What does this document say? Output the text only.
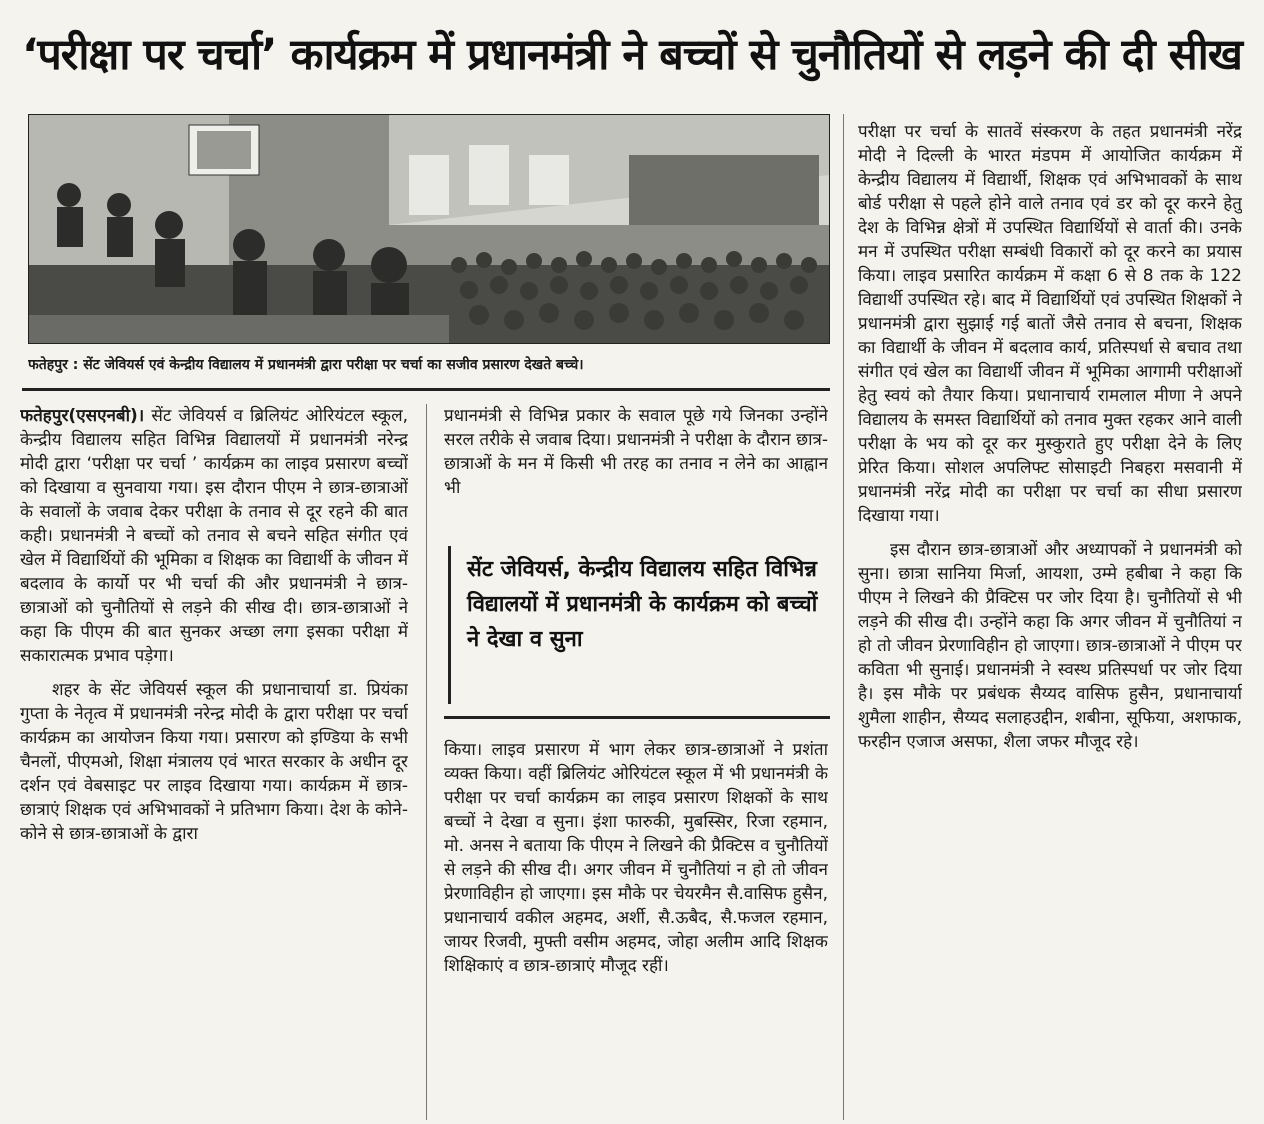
‘परीक्षा पर चर्चा’ कार्यक्रम में प्रधानमंत्री ने बच्चों से चुनौतियों से लड़ने की दी सीख
फतेहपुर : सेंट जेवियर्स एवं केन्द्रीय विद्यालय में प्रधानमंत्री द्वारा परीक्षा पर चर्चा का सजीव प्रसारण देखते बच्चे।

फतेहपुर(एसएनबी)। सेंट जेवियर्स व ब्रिलियंट ओरियंटल स्कूल, केन्द्रीय विद्यालय सहित विभिन्न विद्यालयों में प्रधानमंत्री नरेन्द्र मोदी द्वारा ‘परीक्षा पर चर्चा ’ कार्यक्रम का लाइव प्रसारण बच्चों को दिखाया व सुनवाया गया। इस दौरान पीएम ने छात्र-छात्राओं के सवालों के जवाब देकर परीक्षा के तनाव से दूर रहने की बात कही। प्रधानमंत्री ने बच्चों को तनाव से बचने सहित संगीत एवं खेल में विद्यार्थियों की भूमिका व शिक्षक का विद्यार्थी के जीवन में बदलाव के कार्यो पर भी चर्चा की और प्रधानमंत्री ने छात्र-छात्राओं को चुनौतियों से लड़ने की सीख दी। छात्र-छात्राओं ने कहा कि पीएम की बात सुनकर अच्छा लगा इसका परीक्षा में सकारात्मक प्रभाव पड़ेगा।

शहर के सेंट जेवियर्स स्कूल की प्रधानाचार्या डा. प्रियंका गुप्ता के नेतृत्व में प्रधानमंत्री नरेन्द्र मोदी के द्वारा परीक्षा पर चर्चा कार्यक्रम का आयोजन किया गया। प्रसारण को इण्डिया के सभी चैनलों, पीएमओ, शिक्षा मंत्रालय एवं भारत सरकार के अधीन दूर दर्शन एवं वेबसाइट पर लाइव दिखाया गया। कार्यक्रम में छात्र-छात्राएं शिक्षक एवं अभिभावकों ने प्रतिभाग किया। देश के कोने-कोने से छात्र-छात्राओं के द्वारा

प्रधानमंत्री से विभिन्न प्रकार के सवाल पूछे गये जिनका उन्होंने सरल तरीके से जवाब दिया। प्रधानमंत्री ने परीक्षा के दौरान छात्र-छात्राओं के मन में किसी भी तरह का तनाव न लेने का आह्वान भी

सेंट जेवियर्स, केन्द्रीय विद्यालय सहित विभिन्न विद्यालयों में प्रधानमंत्री के कार्यक्रम को बच्चों ने देखा व सुना

किया। लाइव प्रसारण में भाग लेकर छात्र-छात्राओं ने प्रशंता व्यक्त किया। वहीं ब्रिलियंट ओरियंटल स्कूल में भी प्रधानमंत्री के परीक्षा पर चर्चा कार्यक्रम का लाइव प्रसारण शिक्षकों के साथ बच्चों ने देखा व सुना। इंशा फारुकी, मुबस्सिर, रिजा रहमान, मो. अनस ने बताया कि पीएम ने लिखने की प्रैक्टिस व चुनौतियों से लड़ने की सीख दी। अगर जीवन में चुनौतियां न हो तो जीवन प्रेरणाविहीन हो जाएगा। इस मौके पर चेयरमैन सै.वासिफ हुसैन, प्रधानाचार्य वकील अहमद, अर्शी, सै.ऊबैद, सै.फजल रहमान, जायर रिजवी, मुफ्ती वसीम अहमद, जोहा अलीम आदि शिक्षक शिक्षिकाएं व छात्र-छात्राएं मौजूद रहीं।

परीक्षा पर चर्चा के सातवें संस्करण के तहत प्रधानमंत्री नरेंद्र मोदी ने दिल्ली के भारत मंडपम में आयोजित कार्यक्रम में केन्द्रीय विद्यालय में विद्यार्थी, शिक्षक एवं अभिभावकों के साथ बोर्ड परीक्षा से पहले होने वाले तनाव एवं डर को दूर करने हेतु देश के विभिन्न क्षेत्रों में उपस्थित विद्यार्थियों से वार्ता की। उनके मन में उपस्थित परीक्षा सम्बंधी विकारों को दूर करने का प्रयास किया। लाइव प्रसारित कार्यक्रम में कक्षा 6 से 8 तक के 122 विद्यार्थी उपस्थित रहे। बाद में विद्यार्थियों एवं उपस्थित शिक्षकों ने प्रधानमंत्री द्वारा सुझाई गई बातों जैसे तनाव से बचना, शिक्षक का विद्यार्थी के जीवन में बदलाव कार्य, प्रतिस्पर्धा से बचाव तथा संगीत एवं खेल का विद्यार्थी जीवन में भूमिका आगामी परीक्षाओं हेतु स्वयं को तैयार किया। प्रधानाचार्य रामलाल मीणा ने अपने विद्यालय के समस्त विद्यार्थियों को तनाव मुक्त रहकर आने वाली परीक्षा के भय को दूर कर मुस्कुराते हुए परीक्षा देने के लिए प्रेरित किया। सोशल अपलिफ्ट सोसाइटी निबहरा मसवानी में प्रधानमंत्री नरेंद्र मोदी का परीक्षा पर चर्चा का सीधा प्रसारण दिखाया गया।

इस दौरान छात्र-छात्राओं और अध्यापकों ने प्रधानमंत्री को सुना। छात्रा सानिया मिर्जा, आयशा, उम्मे हबीबा ने कहा कि पीएम ने लिखने की प्रैक्टिस पर जोर दिया है। चुनौतियों से भी लड़ने की सीख दी। उन्होंने कहा कि अगर जीवन में चुनौतियां न हो तो जीवन प्रेरणाविहीन हो जाएगा। छात्र-छात्राओं ने पीएम पर कविता भी सुनाई। प्रधानमंत्री ने स्वस्थ प्रतिस्पर्धा पर जोर दिया है। इस मौके पर प्रबंधक सैय्यद वासिफ हुसैन, प्रधानाचार्या शुमैला शाहीन, सैय्यद सलाहउद्दीन, शबीना, सूफिया, अशफाक, फरहीन एजाज असफा, शैला जफर मौजूद रहे।
